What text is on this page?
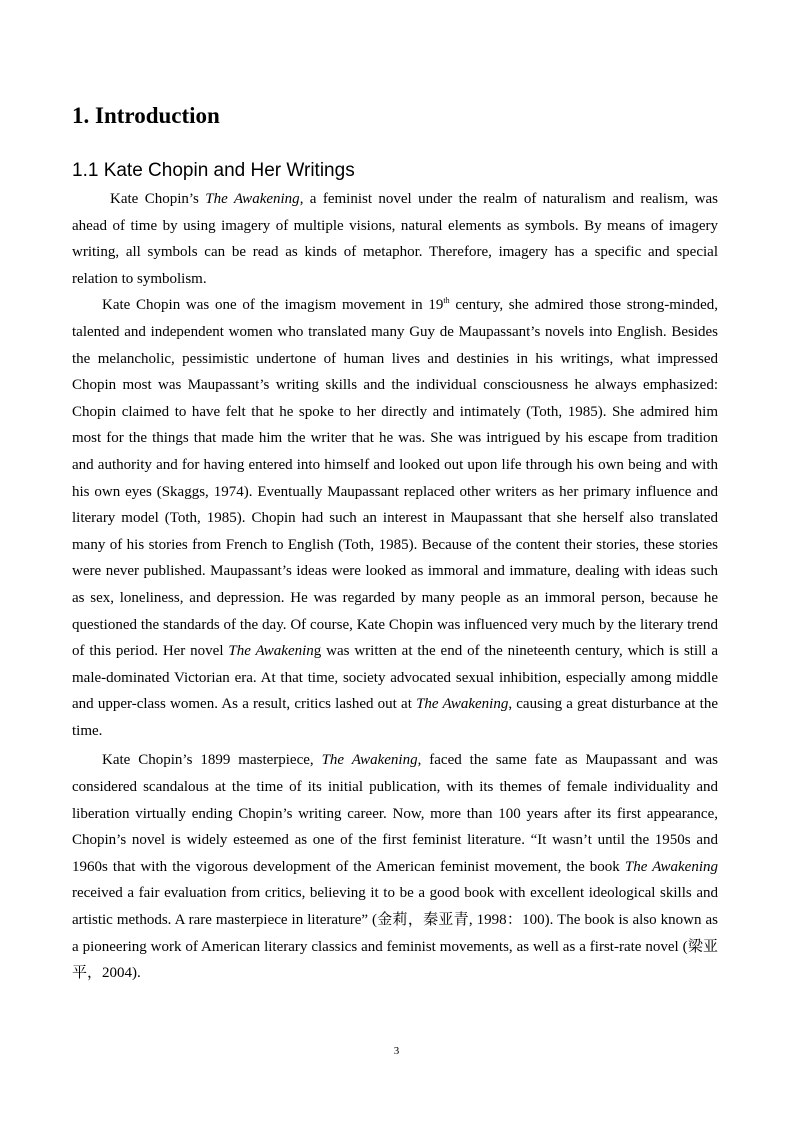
1. Introduction
1.1 Kate Chopin and Her Writings

Kate Chopin’s The Awakening, a feminist novel under the realm of naturalism and realism, was ahead of time by using imagery of multiple visions, natural elements as symbols. By means of imagery writing, all symbols can be read as kinds of metaphor. Therefore, imagery has a specific and special relation to symbolism.

Kate Chopin was one of the imagism movement in 19th century, she admired those strong-minded, talented and independent women who translated many Guy de Maupassant’s novels into English. Besides the melancholic, pessimistic undertone of human lives and destinies in his writings, what impressed Chopin most was Maupassant’s writing skills and the individual consciousness he always emphasized: Chopin claimed to have felt that he spoke to her directly and intimately (Toth, 1985). She admired him most for the things that made him the writer that he was. She was intrigued by his escape from tradition and authority and for having entered into himself and looked out upon life through his own being and with his own eyes (Skaggs, 1974). Eventually Maupassant replaced other writers as her primary influence and literary model (Toth, 1985). Chopin had such an interest in Maupassant that she herself also translated many of his stories from French to English (Toth, 1985). Because of the content their stories, these stories were never published. Maupassant’s ideas were looked as immoral and immature, dealing with ideas such as sex, loneliness, and depression. He was regarded by many people as an immoral person, because he questioned the standards of the day. Of course, Kate Chopin was influenced very much by the literary trend of this period. Her novel The Awakening was written at the end of the nineteenth century, which is still a male-dominated Victorian era. At that time, society advocated sexual inhibition, especially among middle and upper-class women. As a result, critics lashed out at The Awakening, causing a great disturbance at the time.

Kate Chopin’s 1899 masterpiece, The Awakening, faced the same fate as Maupassant and was considered scandalous at the time of its initial publication, with its themes of female individuality and liberation virtually ending Chopin’s writing career. Now, more than 100 years after its first appearance, Chopin’s novel is widely esteemed as one of the first feminist literature. “It wasn’t until the 1950s and 1960s that with the vigorous development of the American feminist movement, the book The Awakening received a fair evaluation from critics, believing it to be a good book with excellent ideological skills and artistic methods. A rare masterpiece in literature” (金莉，秦亚青, 1998：100). The book is also known as a pioneering work of American literary classics and feminist movements, as well as a first-rate novel (梁亚平，2004).

3
